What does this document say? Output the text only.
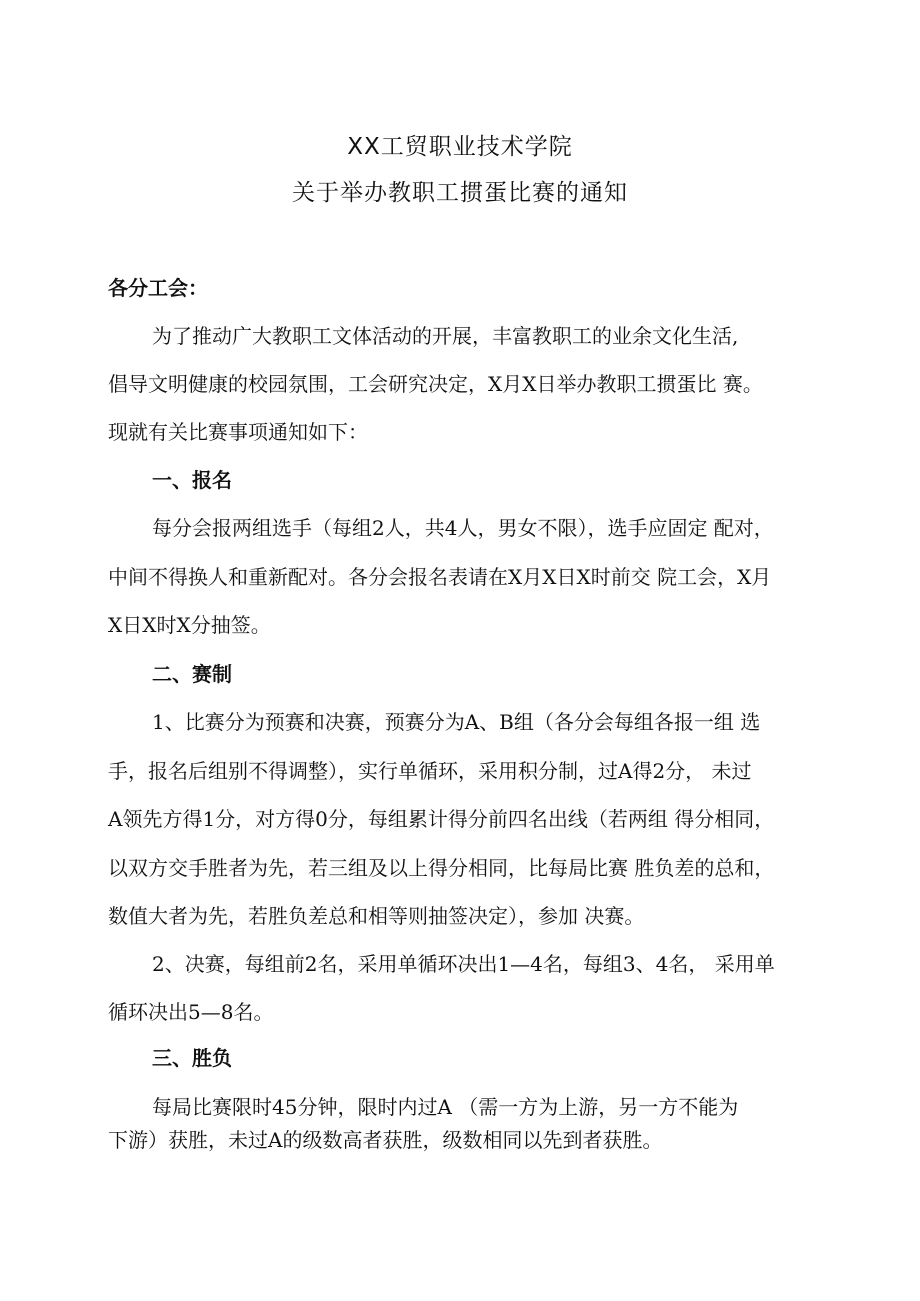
XX工贸职业技术学院
关于举办教职工掼蛋比赛的通知
各分工会：
为了推动广大教职工文体活动的开展，丰富教职工的业余文化生活,
倡导文明健康的校园氛围，工会研究决定，X月X日举办教职工掼蛋比 赛。
现就有关比赛事项通知如下：
一、报名
每分会报两组选手（每组2人，共4人，男女不限），选手应固定 配对，
中间不得换人和重新配对。各分会报名表请在X月X日X时前交 院工会，X月
X日X时X分抽签。
二、赛制
1、比赛分为预赛和决赛，预赛分为A、B组（各分会每组各报一组 选
手，报名后组别不得调整），实行单循环，采用积分制，过A得2分， 未过
A领先方得1分，对方得0分，每组累计得分前四名出线（若两组 得分相同，
以双方交手胜者为先，若三组及以上得分相同，比每局比赛 胜负差的总和，
数值大者为先，若胜负差总和相等则抽签决定），参加 决赛。
2、决赛，每组前2名，采用单循环决出1—4名，每组3、4名， 采用单
循环决出5—8名。
三、胜负
每局比赛限时45分钟，限时内过A （需一方为上游，另一方不能为
下游）获胜，未过A的级数高者获胜，级数相同以先到者获胜。
